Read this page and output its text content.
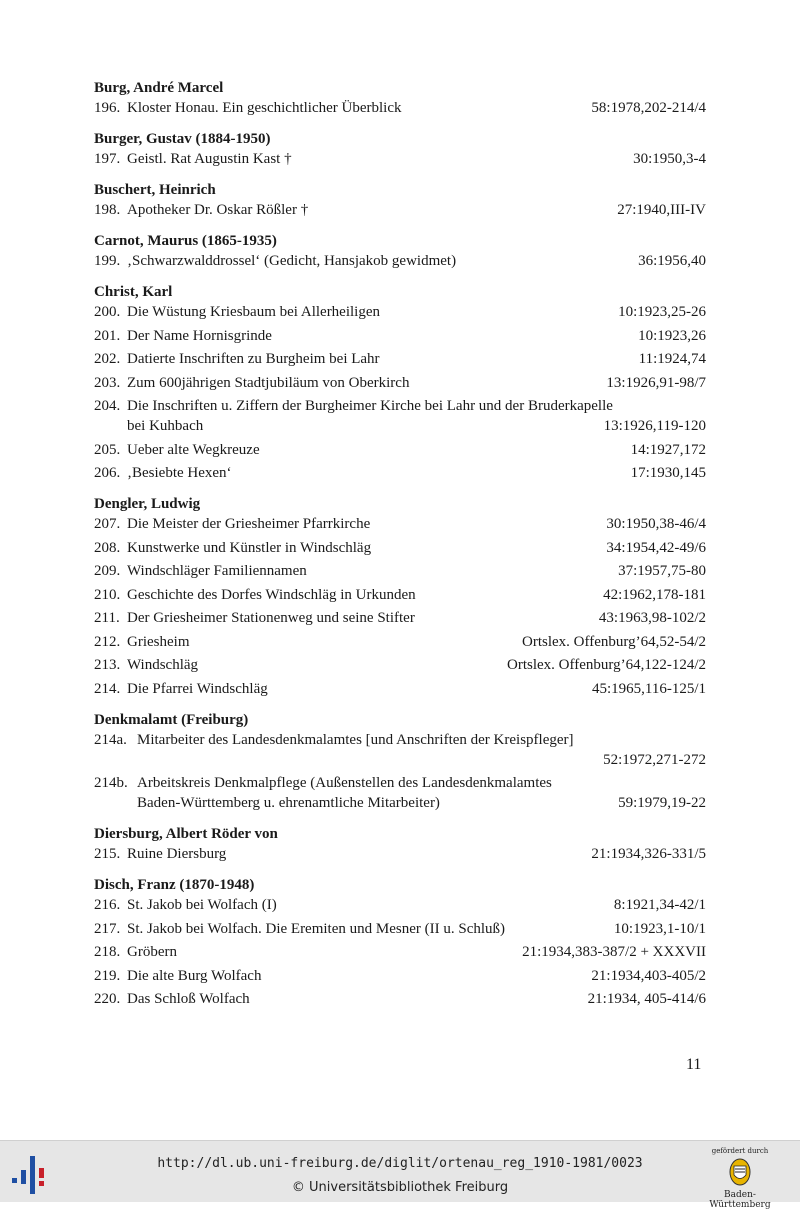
Burg, André Marcel
196. Kloster Honau. Ein geschichtlicher Überblick	58:1978,202-214/4
Burger, Gustav (1884-1950)
197. Geistl. Rat Augustin Kast †	30:1950,3-4
Buschert, Heinrich
198. Apotheker Dr. Oskar Rößler †	27:1940,III-IV
Carnot, Maurus (1865-1935)
199. ‚Schwarzwalddrossel‘ (Gedicht, Hansjakob gewidmet)	36:1956,40
Christ, Karl
200. Die Wüstung Kriesbaum bei Allerheiligen	10:1923,25-26
201. Der Name Hornisgrinde	10:1923,26
202. Datierte Inschriften zu Burgheim bei Lahr	11:1924,74
203. Zum 600jährigen Stadtjubiläum von Oberkirch	13:1926,91-98/7
204. Die Inschriften u. Ziffern der Burgheimer Kirche bei Lahr und der Bruderkapelle
bei Kuhbach	13:1926,119-120
205. Ueber alte Wegkreuze	14:1927,172
206. ‚Besiebte Hexen‘	17:1930,145
Dengler, Ludwig
207. Die Meister der Griesheimer Pfarrkirche	30:1950,38-46/4
208. Kunstwerke und Künstler in Windschläg	34:1954,42-49/6
209. Windschläger Familiennamen	37:1957,75-80
210. Geschichte des Dorfes Windschläg in Urkunden	42:1962,178-181
211. Der Griesheimer Stationenweg und seine Stifter	43:1963,98-102/2
212. Griesheim	Ortslex. Offenburg’64,52-54/2
213. Windschläg	Ortslex. Offenburg’64,122-124/2
214. Die Pfarrei Windschläg	45:1965,116-125/1
Denkmalamt (Freiburg)
214a. Mitarbeiter des Landesdenkmalamtes [und Anschriften der Kreispfleger]
52:1972,271-272
214b. Arbeitskreis Denkmalpflege (Außenstellen des Landesdenkmalamtes
Baden-Württemberg u. ehrenamtliche Mitarbeiter)	59:1979,19-22
Diersburg, Albert Röder von
215. Ruine Diersburg	21:1934,326-331/5
Disch, Franz (1870-1948)
216. St. Jakob bei Wolfach (I)	8:1921,34-42/1
217. St. Jakob bei Wolfach. Die Eremiten und Mesner (II u. Schluß)	10:1923,1-10/1
218. Gröbern	21:1934,383-387/2 + XXXVII
219. Die alte Burg Wolfach	21:1934,403-405/2
220. Das Schloß Wolfach	21:1934, 405-414/6
11
http://dl.ub.uni-freiburg.de/diglit/ortenau_reg_1910-1981/0023
© Universitätsbibliothek Freiburg
gefördert durch
Baden-Württemberg
